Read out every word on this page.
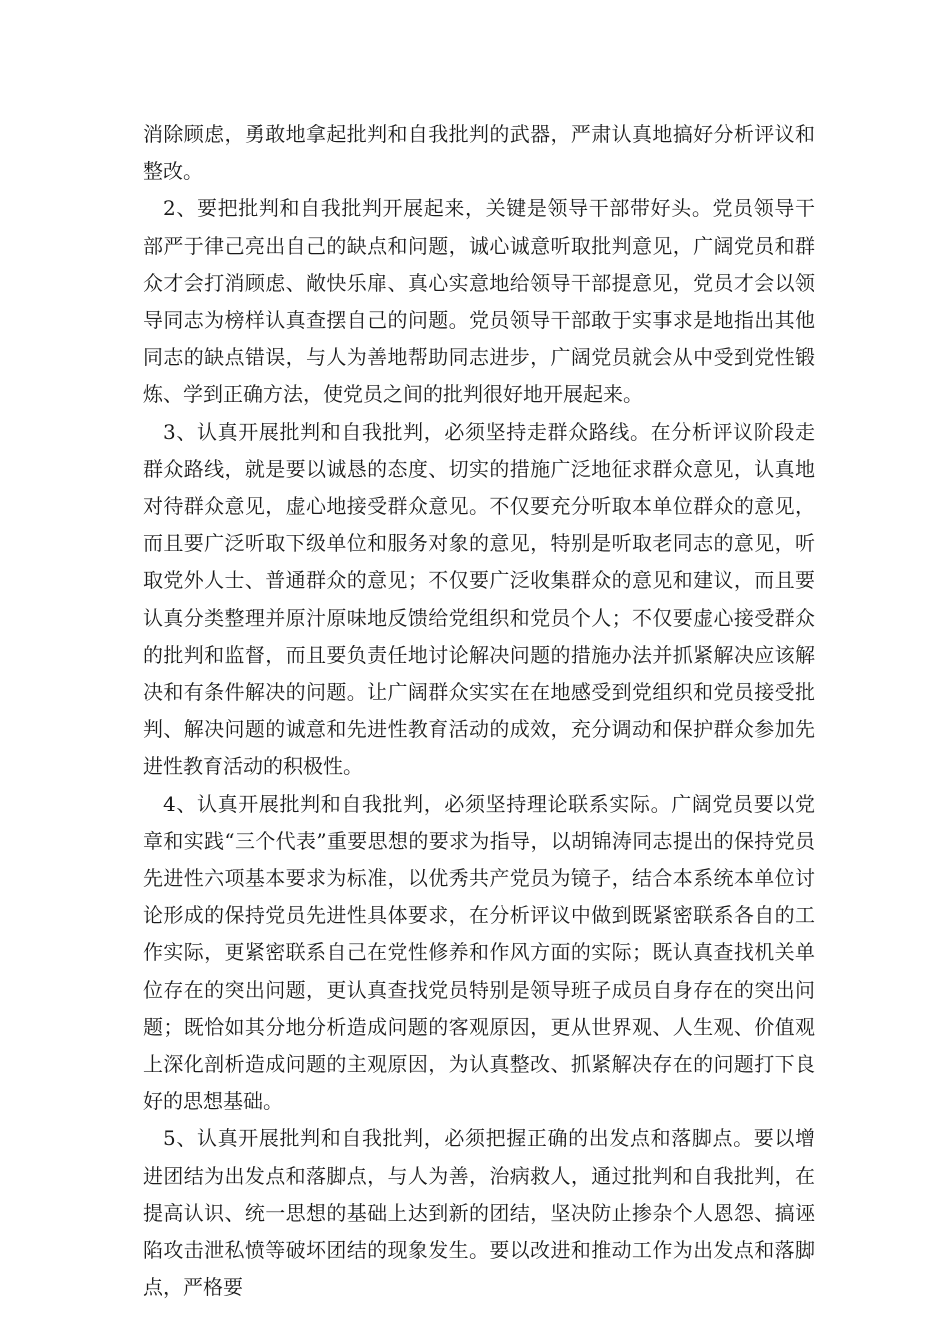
消除顾虑，勇敢地拿起批判和自我批判的武器，严肃认真地搞好分析评议和整改。

2、要把批判和自我批判开展起来，关键是领导干部带好头。党员领导干部严于律己亮出自己的缺点和问题，诚心诚意听取批判意见，广阔党员和群众才会打消顾虑、敞快乐扉、真心实意地给领导干部提意见，党员才会以领导同志为榜样认真查摆自己的问题。党员领导干部敢于实事求是地指出其他同志的缺点错误，与人为善地帮助同志进步，广阔党员就会从中受到党性锻炼、学到正确方法，使党员之间的批判很好地开展起来。

3、认真开展批判和自我批判，必须坚持走群众路线。在分析评议阶段走群众路线，就是要以诚恳的态度、切实的措施广泛地征求群众意见，认真地对待群众意见，虚心地接受群众意见。不仅要充分听取本单位群众的意见，而且要广泛听取下级单位和服务对象的意见，特别是听取老同志的意见，听取党外人士、普通群众的意见；不仅要广泛收集群众的意见和建议，而且要认真分类整理并原汁原味地反馈给党组织和党员个人；不仅要虚心接受群众的批判和监督，而且要负责任地讨论解决问题的措施办法并抓紧解决应该解决和有条件解决的问题。让广阔群众实实在在地感受到党组织和党员接受批判、解决问题的诚意和先进性教育活动的成效，充分调动和保护群众参加先进性教育活动的积极性。

4、认真开展批判和自我批判，必须坚持理论联系实际。广阔党员要以党章和实践“三个代表”重要思想的要求为指导，以胡锦涛同志提出的保持党员先进性六项基本要求为标准，以优秀共产党员为镜子，结合本系统本单位讨论形成的保持党员先进性具体要求，在分析评议中做到既紧密联系各自的工作实际，更紧密联系自己在党性修养和作风方面的实际；既认真查找机关单位存在的突出问题，更认真查找党员特别是领导班子成员自身存在的突出问题；既恰如其分地分析造成问题的客观原因，更从世界观、人生观、价值观上深化剖析造成问题的主观原因，为认真整改、抓紧解决存在的问题打下良好的思想基础。

5、认真开展批判和自我批判，必须把握正确的出发点和落脚点。要以增进团结为出发点和落脚点，与人为善，治病救人，通过批判和自我批判，在提高认识、统一思想的基础上达到新的团结，坚决防止掺杂个人恩怨、搞诬陷攻击泄私愤等破坏团结的现象发生。要以改进和推动工作为出发点和落脚点，严格要
